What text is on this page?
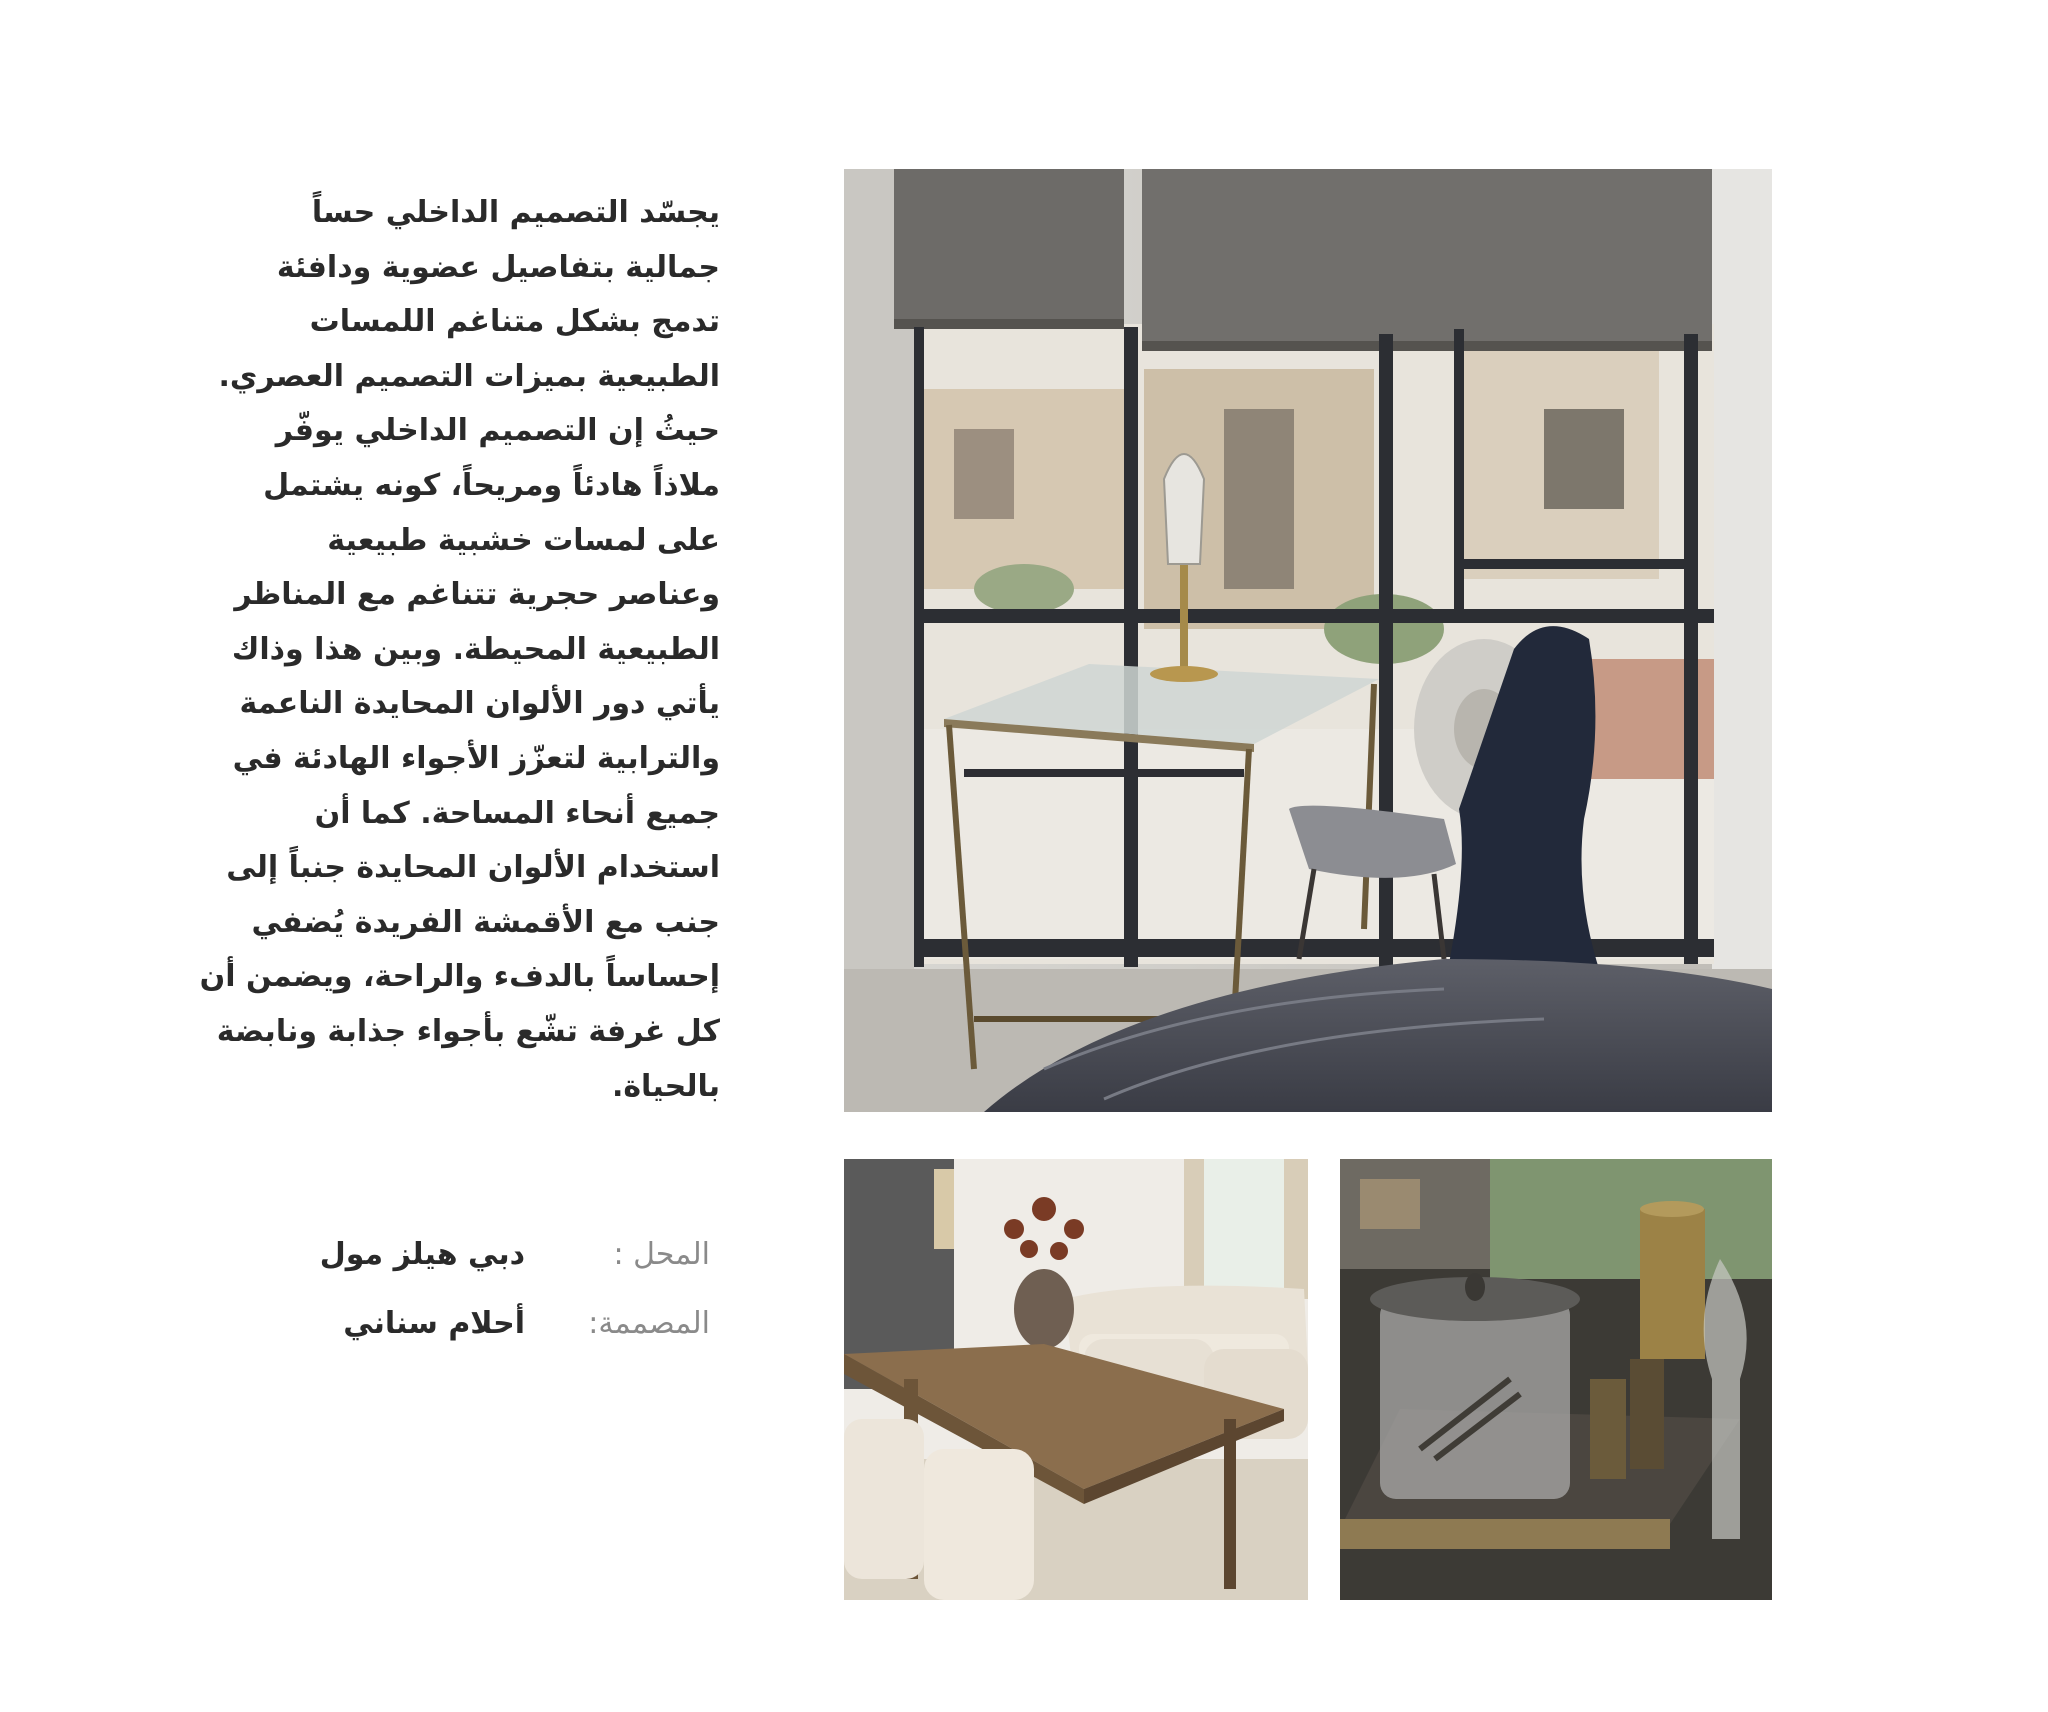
يجسّد التصميم الداخلي حساً
جمالية بتفاصيل عضوية ودافئة
تدمج بشكل متناغم اللمسات
الطبيعية بميزات التصميم العصري.
حيثُ إن التصميم الداخلي يوفّر
ملاذاً هادئاً ومريحاً، كونه يشتمل
على لمسات خشبية طبيعية
وعناصر حجرية تتناغم مع المناظر
الطبيعية المحيطة. وبين هذا وذاك
يأتي دور الألوان المحايدة الناعمة
والترابية لتعزّز الأجواء الهادئة في
جميع أنحاء المساحة. كما أن
استخدام الألوان المحايدة جنباً إلى
جنب مع الأقمشة الفريدة يُضفي
إحساساً بالدفء والراحة، ويضمن أن
كل غرفة تشّع بأجواء جذابة ونابضة
بالحياة.
المحل :
دبي هيلز مول
المصممة:
أحلام سناني
